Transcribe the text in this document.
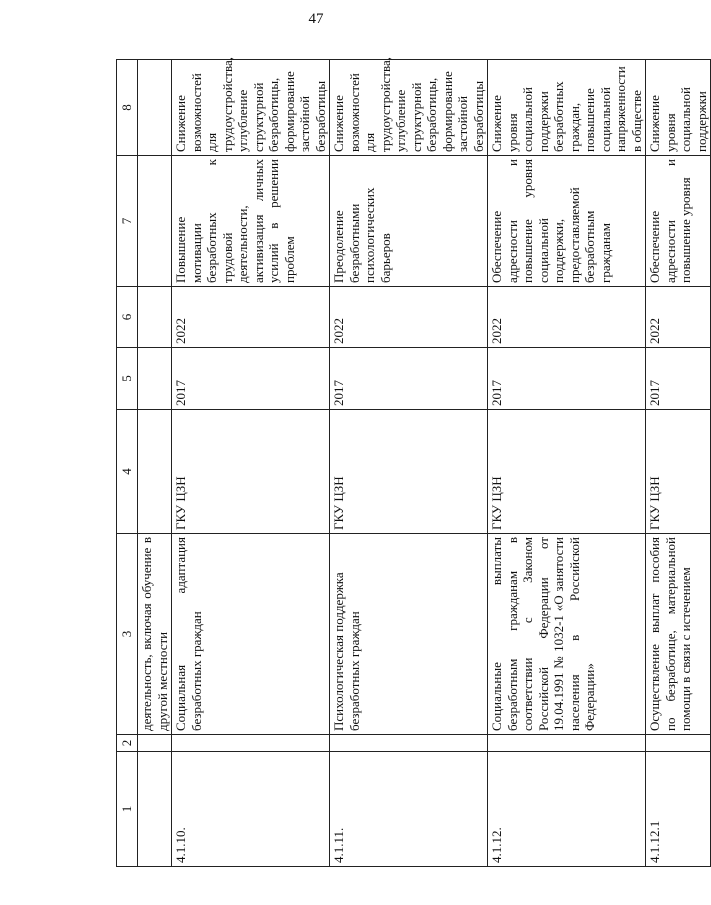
47
1	2	3	4	5	6	7	8
		деятельность, включая обучение в другой местности					
4.1.10.		Социальная адаптация безработных граждан	ГКУ ЦЗН	2017	2022	Повышение мотивации безработных к трудовой деятельности, активизация личных усилий в решении проблем	Снижение возможностей для трудоустройства, углубление структурной безработицы, формирование застойной безработицы
4.1.11.		Психологическая поддержка безработных граждан	ГКУ ЦЗН	2017	2022	Преодоление безработными психологических барьеров	Снижение возможностей для трудоустройства, углубление структурной безработицы, формирование застойной безработицы
4.1.12.		Социальные выплаты безработным гражданам в соответствии с Законом Российской Федерации от 19.04.1991 № 1032-1 «О занятости населения в Российской Федерации»	ГКУ ЦЗН	2017	2022	Обеспечение адресности и повышение уровня социальной поддержки, предоставляемой безработным гражданам	Снижение уровня социальной поддержки безработных граждан, повышение социальной напряженности в обществе
4.1.12.1		Осуществление выплат пособия по безработице, материальной помощи в связи с истечением	ГКУ ЦЗН	2017	2022	Обеспечение адресности и повышение уровня	Снижение уровня социальной поддержки
